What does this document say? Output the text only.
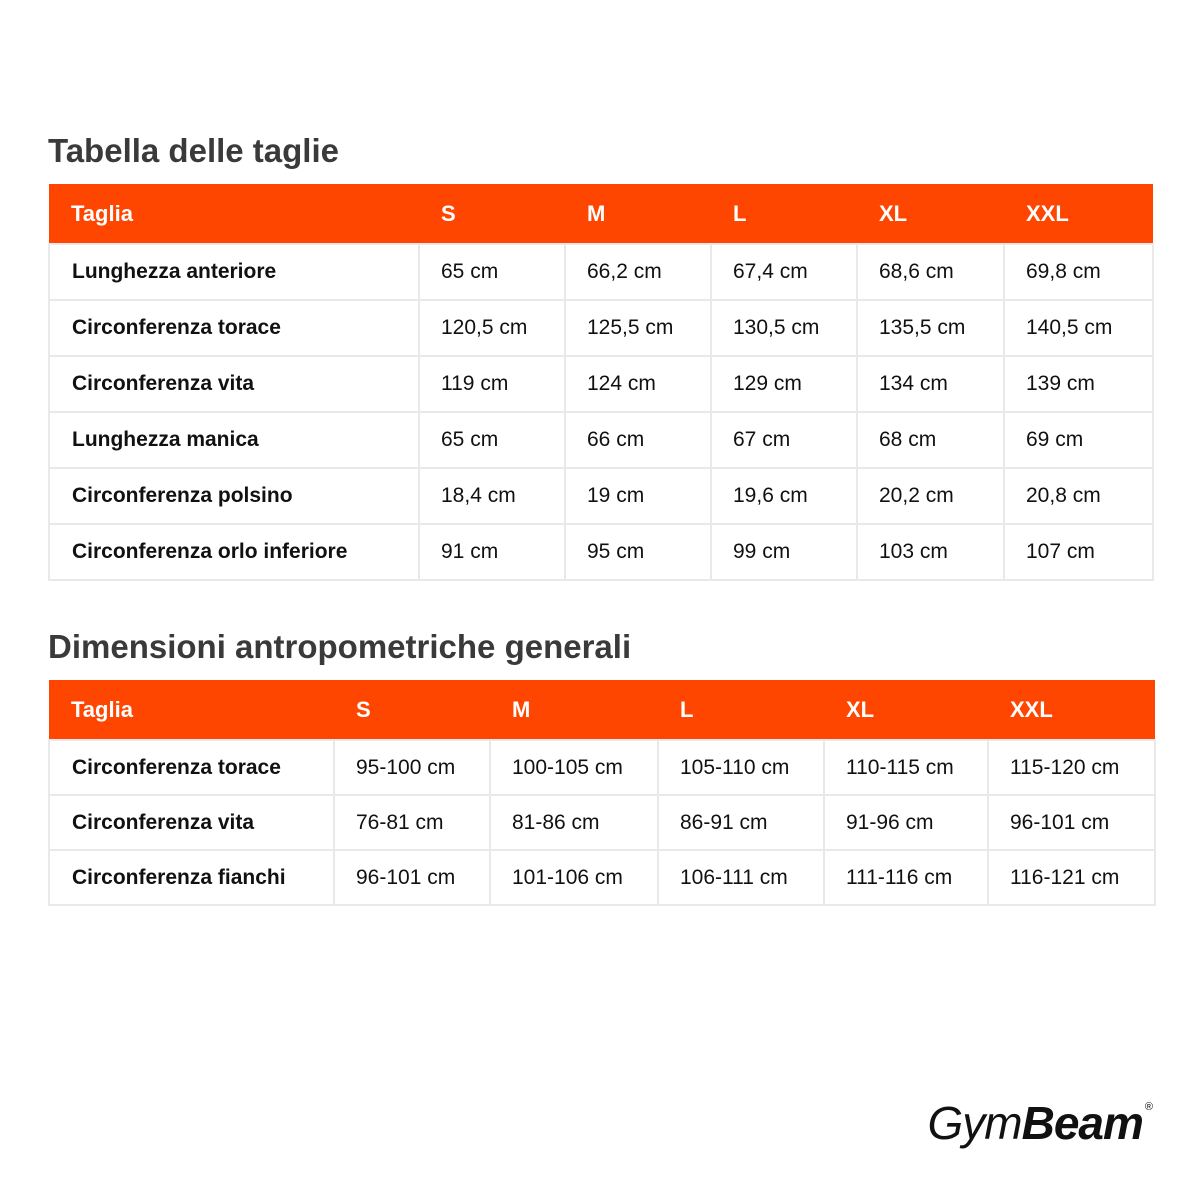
Tabella delle taglie
Taglia	S	M	L	XL	XXL
Lunghezza anteriore	65 cm	66,2 cm	67,4 cm	68,6 cm	69,8 cm
Circonferenza torace	120,5 cm	125,5 cm	130,5 cm	135,5 cm	140,5 cm
Circonferenza vita	119 cm	124 cm	129 cm	134 cm	139 cm
Lunghezza manica	65 cm	66 cm	67 cm	68 cm	69 cm
Circonferenza polsino	18,4 cm	19 cm	19,6 cm	20,2 cm	20,8 cm
Circonferenza orlo inferiore	91 cm	95 cm	99 cm	103 cm	107 cm
Dimensioni antropometriche generali
Taglia	S	M	L	XL	XXL
Circonferenza torace	95-100 cm	100-105 cm	105-110 cm	110-115 cm	115-120 cm
Circonferenza vita	76-81 cm	81-86 cm	86-91 cm	91-96 cm	96-101 cm
Circonferenza fianchi	96-101 cm	101-106 cm	106-111 cm	111-116 cm	116-121 cm
GymBeam ®
